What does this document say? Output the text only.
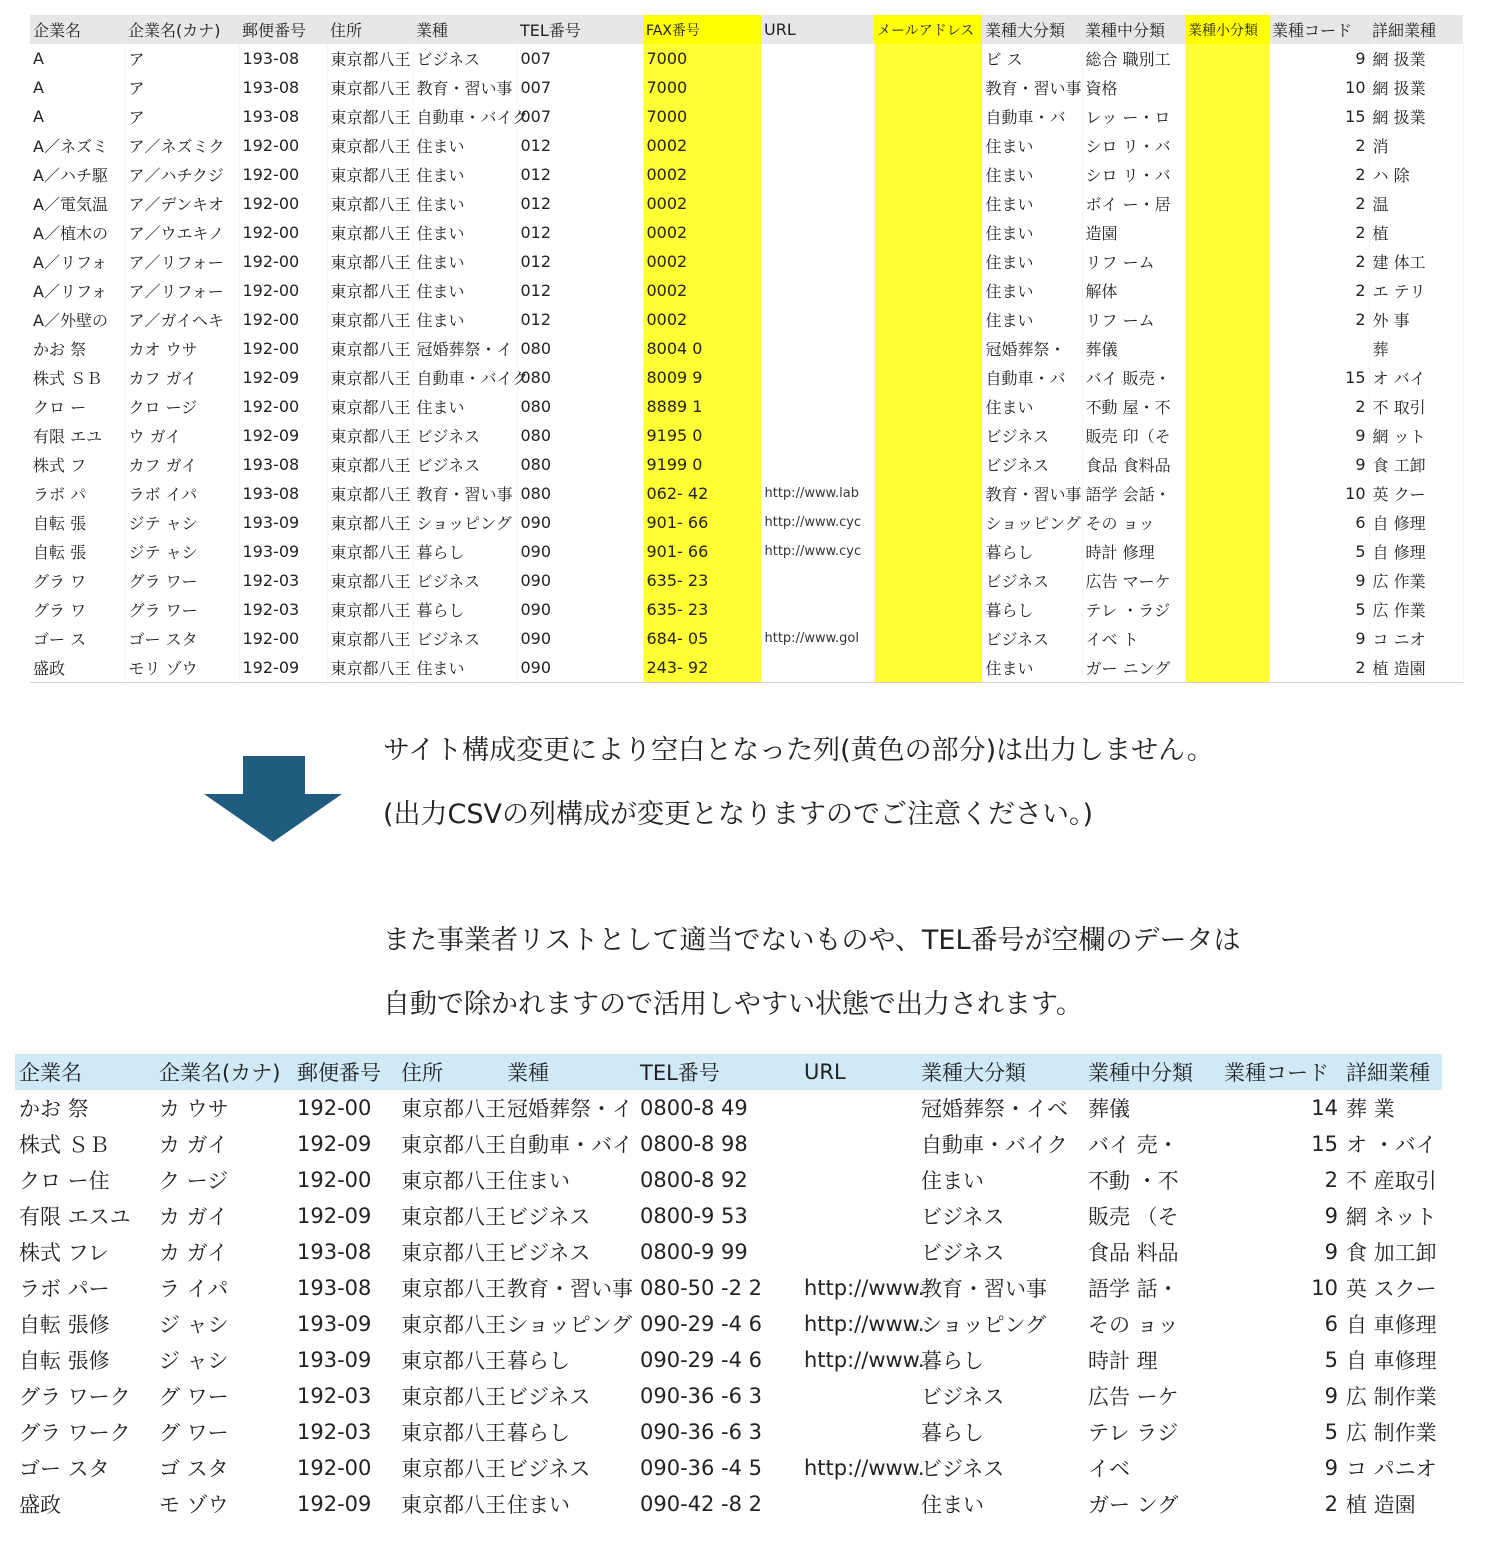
企業名	企業名(カナ)	郵便番号	住所	業種	TEL番号	FAX番号	URL	メールアドレス	業種大分類	業種中分類	業種小分類	業種コード	詳細業種
A	ア	193-08	東京都八王	ビジネス	007	7000			ビ ス	総合 職別工		9	網 扱業
A	ア	193-08	東京都八王	教育・習い事	007	7000			教育・習い事	資格		10	網 扱業
A	ア	193-08	東京都八王	自動車・バイク	007	7000			自動車・バ	レッ ー・ロ		15	網 扱業
A／ネズミ	ア／ネズミク	192-00	東京都八王	住まい	012	0002			住まい	シロ リ・バ		2	消
A／ハチ駆	ア／ハチクジ	192-00	東京都八王	住まい	012	0002			住まい	シロ リ・バ		2	ハ 除
A／電気温	ア／デンキオ	192-00	東京都八王	住まい	012	0002			住まい	ボイ ー・居		2	温
A／植木の	ア／ウエキノ	192-00	東京都八王	住まい	012	0002			住まい	造園		2	植
A／リフォ	ア／リフォー	192-00	東京都八王	住まい	012	0002			住まい	リフ ーム		2	建 体工
A／リフォ	ア／リフォー	192-00	東京都八王	住まい	012	0002			住まい	解体		2	エ テリ
A／外壁の	ア／ガイヘキ	192-00	東京都八王	住まい	012	0002			住まい	リフ ーム		2	外 事
かお 祭	カオ ウサ	192-00	東京都八王	冠婚葬祭・イ	080	8004 0			冠婚葬祭・	葬儀			葬
株式 ＳＢ	カフ ガイ	192-09	東京都八王	自動車・バイク	080	8009 9			自動車・バ	バイ 販売・		15	オ バイ
クロ ー	クロ ージ	192-00	東京都八王	住まい	080	8889 1			住まい	不動 屋・不		2	不 取引
有限 エユ	ウ ガイ	192-09	東京都八王	ビジネス	080	9195 0			ビジネス	販売 印（そ		9	網 ット
株式 フ	カフ ガイ	193-08	東京都八王	ビジネス	080	9199 0			ビジネス	食品 食料品		9	食 工卸
ラボ パ	ラボ イパ	193-08	東京都八王	教育・習い事	080	062- 42	http://www.lab		教育・習い事	語学 会話・		10	英 クー
自転 張	ジテ ャシ	193-09	東京都八王	ショッピング	090	901- 66	http://www.cyc		ショッピング	その ョッ		6	自 修理
自転 張	ジテ ャシ	193-09	東京都八王	暮らし	090	901- 66	http://www.cyc		暮らし	時計 修理		5	自 修理
グラ ワ	グラ ワー	192-03	東京都八王	ビジネス	090	635- 23			ビジネス	広告 マーケ		9	広 作業
グラ ワ	グラ ワー	192-03	東京都八王	暮らし	090	635- 23			暮らし	テレ ・ラジ		5	広 作業
ゴー ス	ゴー スタ	192-00	東京都八王	ビジネス	090	684- 05	http://www.gol		ビジネス	イベ ト		9	コ ニオ
盛政	モリ ゾウ	192-09	東京都八王	住まい	090	243- 92			住まい	ガー ニング		2	植 造園
サイト構成変更により空白となった列(黄色の部分)は出力しません。
(出力CSVの列構成が変更となりますのでご注意ください。)
また事業者リストとして適当でないものや、TEL番号が空欄のデータは
自動で除かれますので活用しやすい状態で出力されます。
企業名	企業名(カナ)	郵便番号	住所	業種	TEL番号	URL	業種大分類	業種中分類	業種コード	詳細業種
かお 祭	カ ウサ	192-00	東京都八王	冠婚葬祭・イ	0800-8 49		冠婚葬祭・イベ	葬儀	14	葬 業
株式 ＳＢ	カ ガイ	192-09	東京都八王	自動車・バイ	0800-8 98		自動車・バイク	バイ 売・	15	オ ・バイ
クロ ー住	ク ージ	192-00	東京都八王	住まい	0800-8 92		住まい	不動 ・不	2	不 産取引
有限 エスユ	カ ガイ	192-09	東京都八王	ビジネス	0800-9 53		ビジネス	販売 （そ	9	網 ネット
株式 フレ	カ ガイ	193-08	東京都八王	ビジネス	0800-9 99		ビジネス	食品 料品	9	食 加工卸
ラボ パー	ラ イパ	193-08	東京都八王	教育・習い事	080-50 -2 2	http://www.	教育・習い事	語学 話・	10	英 スクー
自転 張修	ジ ャシ	193-09	東京都八王	ショッピング	090-29 -4 6	http://www.	ショッピング	その ョッ	6	自 車修理
自転 張修	ジ ャシ	193-09	東京都八王	暮らし	090-29 -4 6	http://www.	暮らし	時計 理	5	自 車修理
グラ ワーク	グ ワー	192-03	東京都八王	ビジネス	090-36 -6 3		ビジネス	広告 ーケ	9	広 制作業
グラ ワーク	グ ワー	192-03	東京都八王	暮らし	090-36 -6 3		暮らし	テレ ラジ	5	広 制作業
ゴー スタ	ゴ スタ	192-00	東京都八王	ビジネス	090-36 -4 5	http://www.	ビジネス	イベ	9	コ パニオ
盛政	モ ゾウ	192-09	東京都八王	住まい	090-42 -8 2		住まい	ガー ング	2	植 造園
